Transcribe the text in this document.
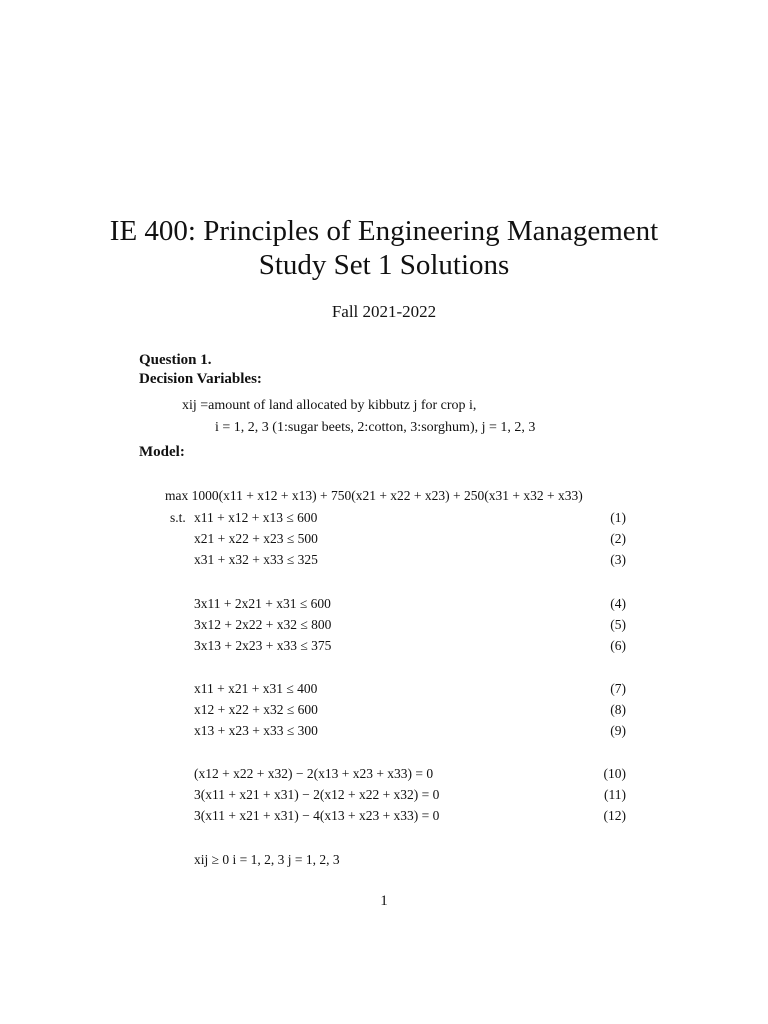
IE 400: Principles of Engineering Management
Study Set 1 Solutions
Fall 2021-2022
Question 1.
Decision Variables:
xij =amount of land allocated by kibbutz j for crop i,
i = 1, 2, 3 (1:sugar beets, 2:cotton, 3:sorghum), j = 1, 2, 3
Model:
max 1000(x11 + x12 + x13) + 750(x21 + x22 + x23) + 250(x31 + x32 + x33)
s.t. x11 + x12 + x13 ≤ 600	(1)
x21 + x22 + x23 ≤ 500	(2)
x31 + x32 + x33 ≤ 325	(3)
3x11 + 2x21 + x31 ≤ 600	(4)
3x12 + 2x22 + x32 ≤ 800	(5)
3x13 + 2x23 + x33 ≤ 375	(6)
x11 + x21 + x31 ≤ 400	(7)
x12 + x22 + x32 ≤ 600	(8)
x13 + x23 + x33 ≤ 300	(9)
(x12 + x22 + x32) − 2(x13 + x23 + x33) = 0	(10)
3(x11 + x21 + x31) − 2(x12 + x22 + x32) = 0	(11)
3(x11 + x21 + x31) − 4(x13 + x23 + x33) = 0	(12)
xij ≥ 0 i = 1, 2, 3 j = 1, 2, 3
1
